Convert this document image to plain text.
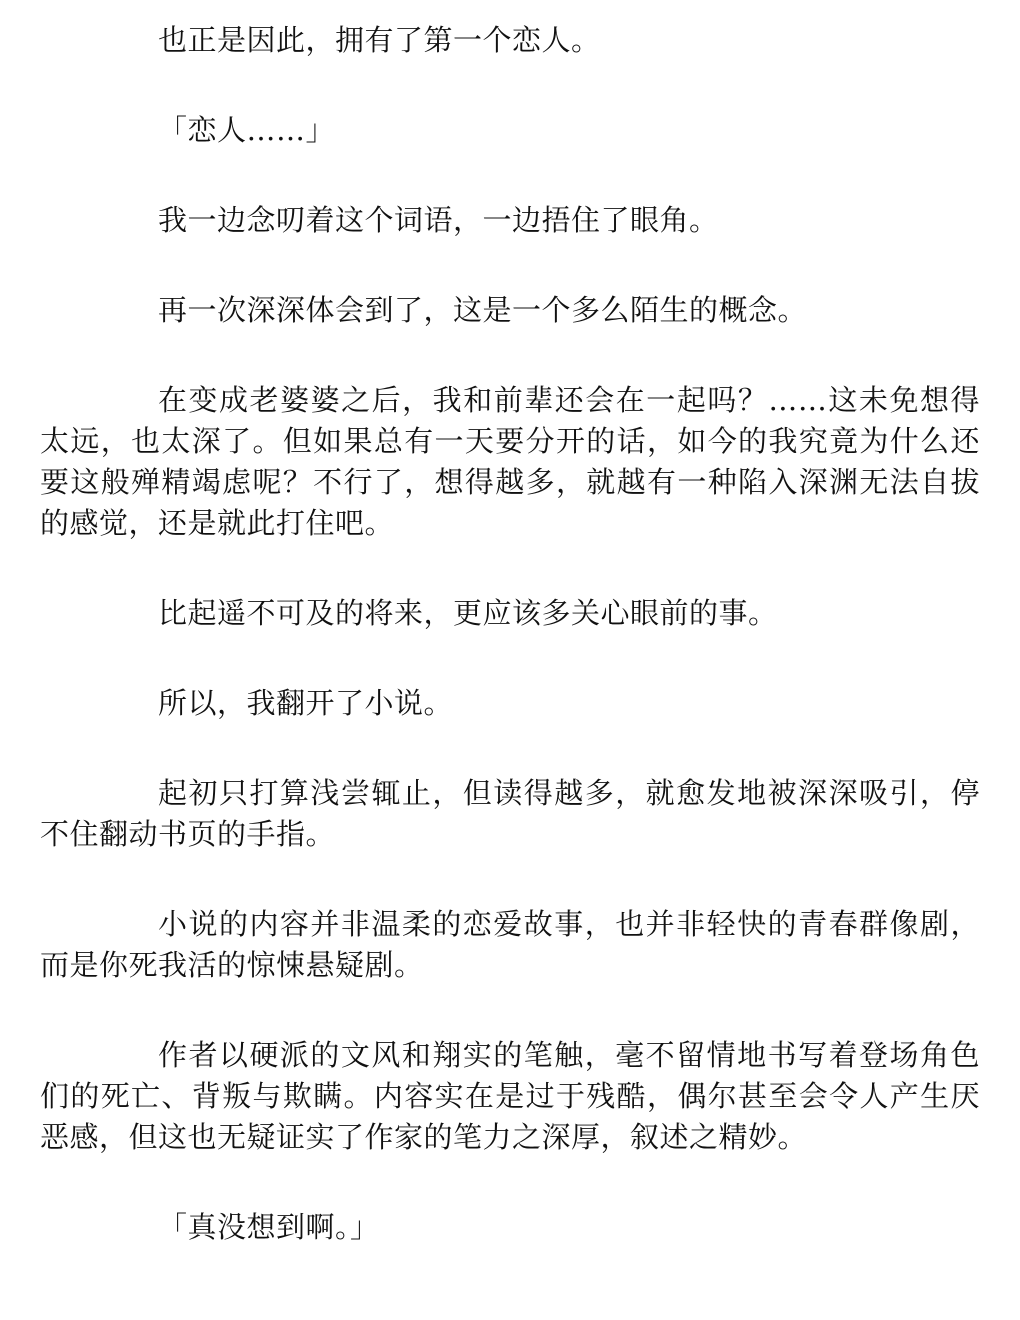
也正是因此，拥有了第一个恋人。

「恋人……」

我一边念叨着这个词语，一边捂住了眼角。

再一次深深体会到了，这是一个多么陌生的概念。

在变成老婆婆之后，我和前辈还会在一起吗？……这未免想得太远，也太深了。但如果总有一天要分开的话，如今的我究竟为什么还要这般殚精竭虑呢？不行了，想得越多，就越有一种陷入深渊无法自拔的感觉，还是就此打住吧。

比起遥不可及的将来，更应该多关心眼前的事。

所以，我翻开了小说。

起初只打算浅尝辄止，但读得越多，就愈发地被深深吸引，停不住翻动书页的手指。

小说的内容并非温柔的恋爱故事，也并非轻快的青春群像剧，而是你死我活的惊悚悬疑剧。

作者以硬派的文风和翔实的笔触，毫不留情地书写着登场角色们的死亡、背叛与欺瞒。内容实在是过于残酷，偶尔甚至会令人产生厌恶感，但这也无疑证实了作家的笔力之深厚，叙述之精妙。

「真没想到啊。」
